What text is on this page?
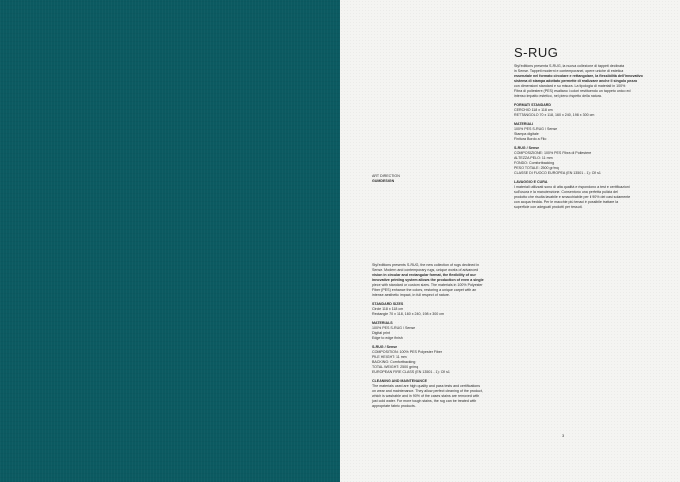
S-RUG

Styl'editions presenta S-RUG, la nuova collezione di tappeti declinata

in Sense. Tappeti moderni e contemporanei, opere uniche di estetica

essenziale nel formato circolare e rettangolare, la flessibilità dell'innovativo

sistema di stampa adottato permette di realizzare anche il singolo pezzo

con dimensioni standard e su misura. La tipologia di materiali in 100%

Fibra di poliestere (PES) esaltano i colori restituendo un tappeto unico ed

intenso impatto estetico, nel pieno rispetto della natura.

FORMATI STANDARD

CERCHIO 118 x 118 cm

RETTANGOLO 70 x 118, 160 x 240, 198 x 300 cm

MATERIALI

100% PES S-RUG / Sense

Stampa digitale

Finitura Bordo a Filo

S-RUG / Sense

COMPOSIZIONE: 100% PES Fibra di Poliestere

ALTEZZA PELO: 11 mm

FONDO: Comfortbacking

PESO TOTALE: 2500 gr/mq

CLASSE DI FUOCO EUROPEA (EN 13501 - 1): Cfl s1

LAVAGGIO E CURA

I materiali utilizzati sono di alta qualità e rispondono a test e certificazioni

sull'usura e la manutenzione. Consentono una perfetta pulizia del

prodotto che risulta lavabile e smacchiabile per il 90% dei casi solamente

con acqua fredda. Per le macchie più tenaci è possibile trattare la

superficie con adeguati prodotti per tessuti.

ART DIRECTION

GUMDESIGN

Styl'editions presents S-RUG, the new collection of rugs declined in

Sense. Modern and contemporary rugs, unique works of advanced

vision in circular and rectangular format, the flexibility of our

innovative printing system allows the production of even a single

piece with standard or custom sizes. The materials in 100% Polyester

Fiber (PES) enhance the colors, restoring a unique carpet with an

intense aesthetic impact, in full respect of nature.

STANDARD SIZES

Circle 118 x 118 cm

Rectangle 70 x 118, 160 x 240, 198 x 300 cm

MATERIALS

100% PES S-RUG / Sense

Digital print

Edge to edge finish

S-RUG / Sense

COMPOSITION: 100% PES Polyester Fiber

PILE HEIGHT: 11 mm

BACKING: Comfortbacking

TOTAL WEIGHT: 2500 gr/mq

EUROPEAN FIRE CLASS (EN 13501 - 1): Cfl s1

CLEANING AND MAINTENANCE

The materials used are high quality and pass tests and certifications

on wear and maintenance. They allow perfect cleaning of the product,

which is washable and in 90% of the cases stains are removed with

just cold water. For more tough stains, the rug can be treated with

appropriate fabric products.

3
